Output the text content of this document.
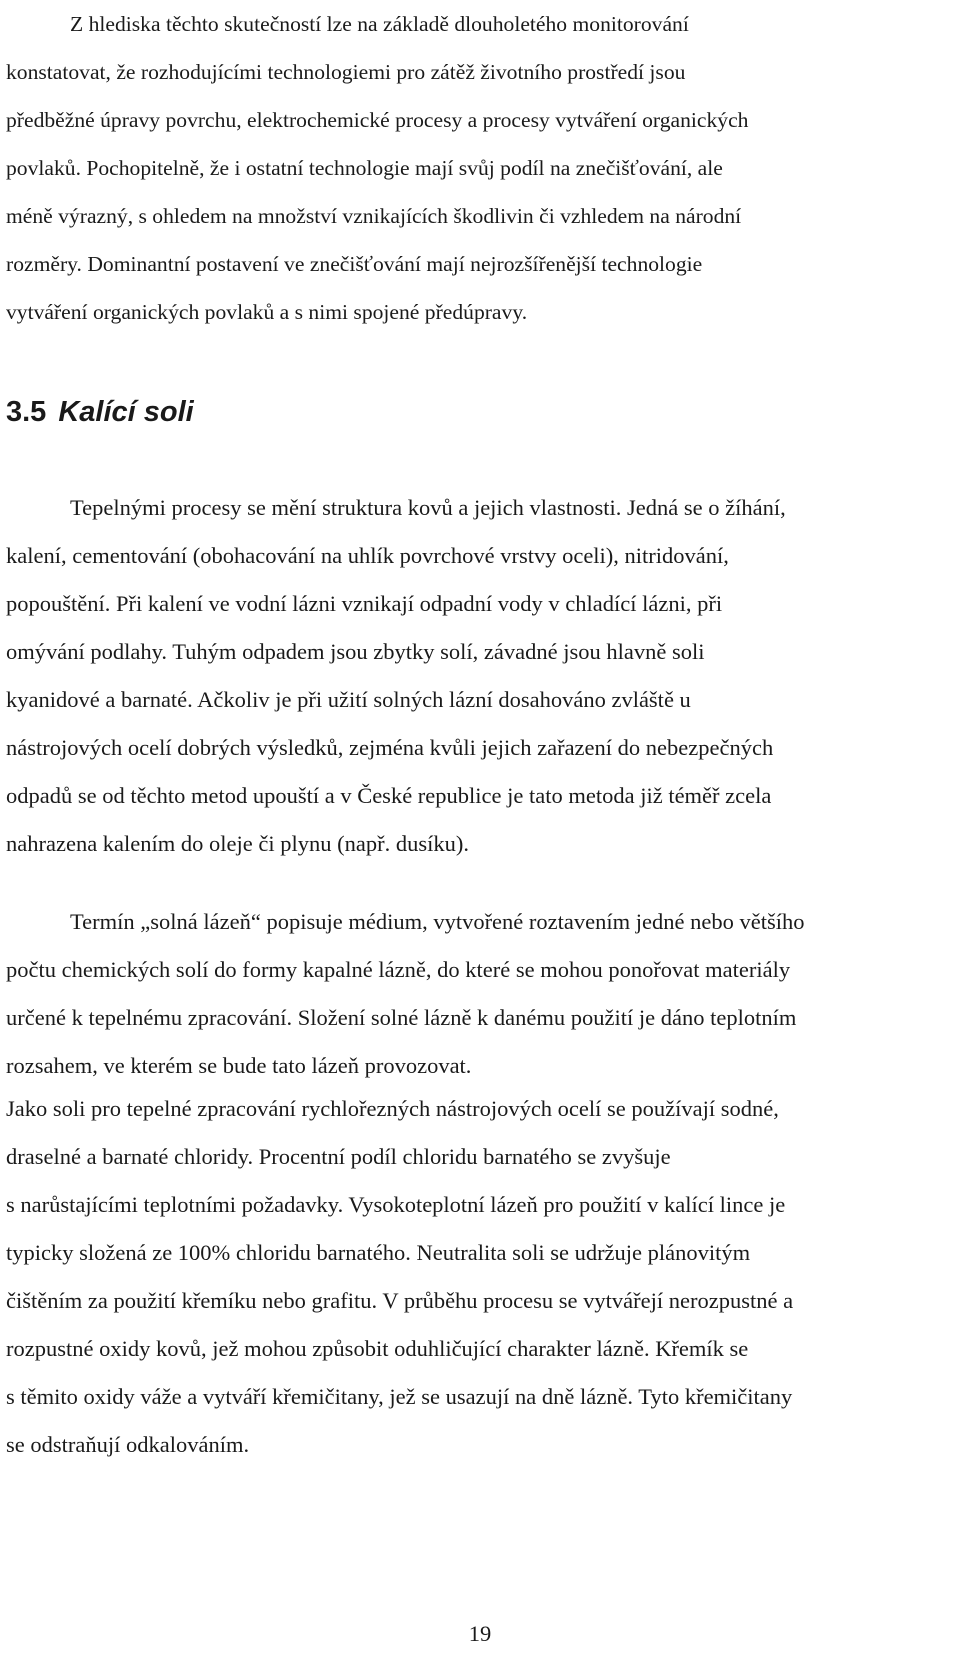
Z hlediska těchto skutečností lze na základě dlouholetého monitorování
konstatovat, že rozhodujícími technologiemi pro zátěž životního prostředí jsou
předběžné úpravy povrchu, elektrochemické procesy a procesy vytváření organických
povlaků. Pochopitelně, že i ostatní technologie mají svůj podíl na znečišťování, ale
méně výrazný, s ohledem na množství vznikajících škodlivin či vzhledem na národní
rozměry. Dominantní postavení ve znečišťování mají nejrozšířenější technologie
vytváření organických povlaků a s nimi spojené předúpravy.
3.5 Kalící soli
Tepelnými procesy se mění struktura kovů a jejich vlastnosti. Jedná se o žíhání,
kalení, cementování (obohacování na uhlík povrchové vrstvy oceli), nitridování,
popouštění. Při kalení ve vodní lázni vznikají odpadní vody v chladící lázni, při
omývání podlahy. Tuhým odpadem jsou zbytky solí, závadné jsou hlavně soli
kyanidové a barnaté. Ačkoliv je při užití solných lázní dosahováno zvláště u
nástrojových ocelí dobrých výsledků, zejména kvůli jejich zařazení do nebezpečných
odpadů se od těchto metod upouští a v České republice je tato metoda již téměř zcela
nahrazena kalením do oleje či plynu (např. dusíku).
Termín „solná lázeň“ popisuje médium, vytvořené roztavením jedné nebo většího
počtu chemických solí do formy kapalné lázně, do které se mohou ponořovat materiály
určené k tepelnému zpracování. Složení solné lázně k danému použití je dáno teplotním
rozsahem, ve kterém se bude tato lázeň provozovat.
Jako soli pro tepelné zpracování rychlořezných nástrojových ocelí se používají sodné,
draselné a barnaté chloridy. Procentní podíl chloridu barnatého se zvyšuje
s narůstajícími teplotními požadavky. Vysokoteplotní lázeň pro použití v kalící lince je
typicky složená ze 100% chloridu barnatého. Neutralita soli se udržuje plánovitým
čištěním za použití křemíku nebo grafitu. V průběhu procesu se vytvářejí nerozpustné a
rozpustné oxidy kovů, jež mohou způsobit oduhličující charakter lázně. Křemík se
s těmito oxidy váže a vytváří křemičitany, jež se usazují na dně lázně. Tyto křemičitany
se odstraňují odkalováním.
19
